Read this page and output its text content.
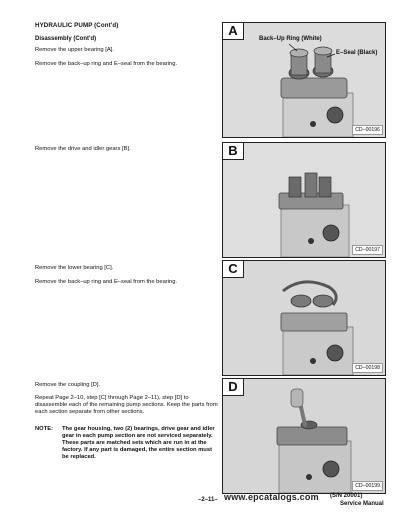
HYDRAULIC PUMP (Cont'd)
Disassembly (Cont'd)
Remove the upper bearing [A].
Remove the back–up ring and E–seal from the bearing.
Remove the drive and idler gears [B].
Remove the lower bearing [C].
Remove the back–up ring and E–seal from the bearing.
Remove the coupling [D].
Repeat Page 2–10, step [C] through Page 2–11), step [D] to disassemble each of the remaining pump sections. Keep the parts from each section separate from other sections.
NOTE: The gear housing, two (2) bearings, drive gear and idler gear in each pump section are not serviced separately. These parts are matched sets which are run in at the factory. If any part is damaged, the entire section must be replaced.
A
Back–Up Ring (White)
E–Seal (Black)
CD–00196
B
CD–00197
C
CD–00198
D
CD–00199
–2–11– www.epcatalogs.com (S/N 20001)
Service Manual
